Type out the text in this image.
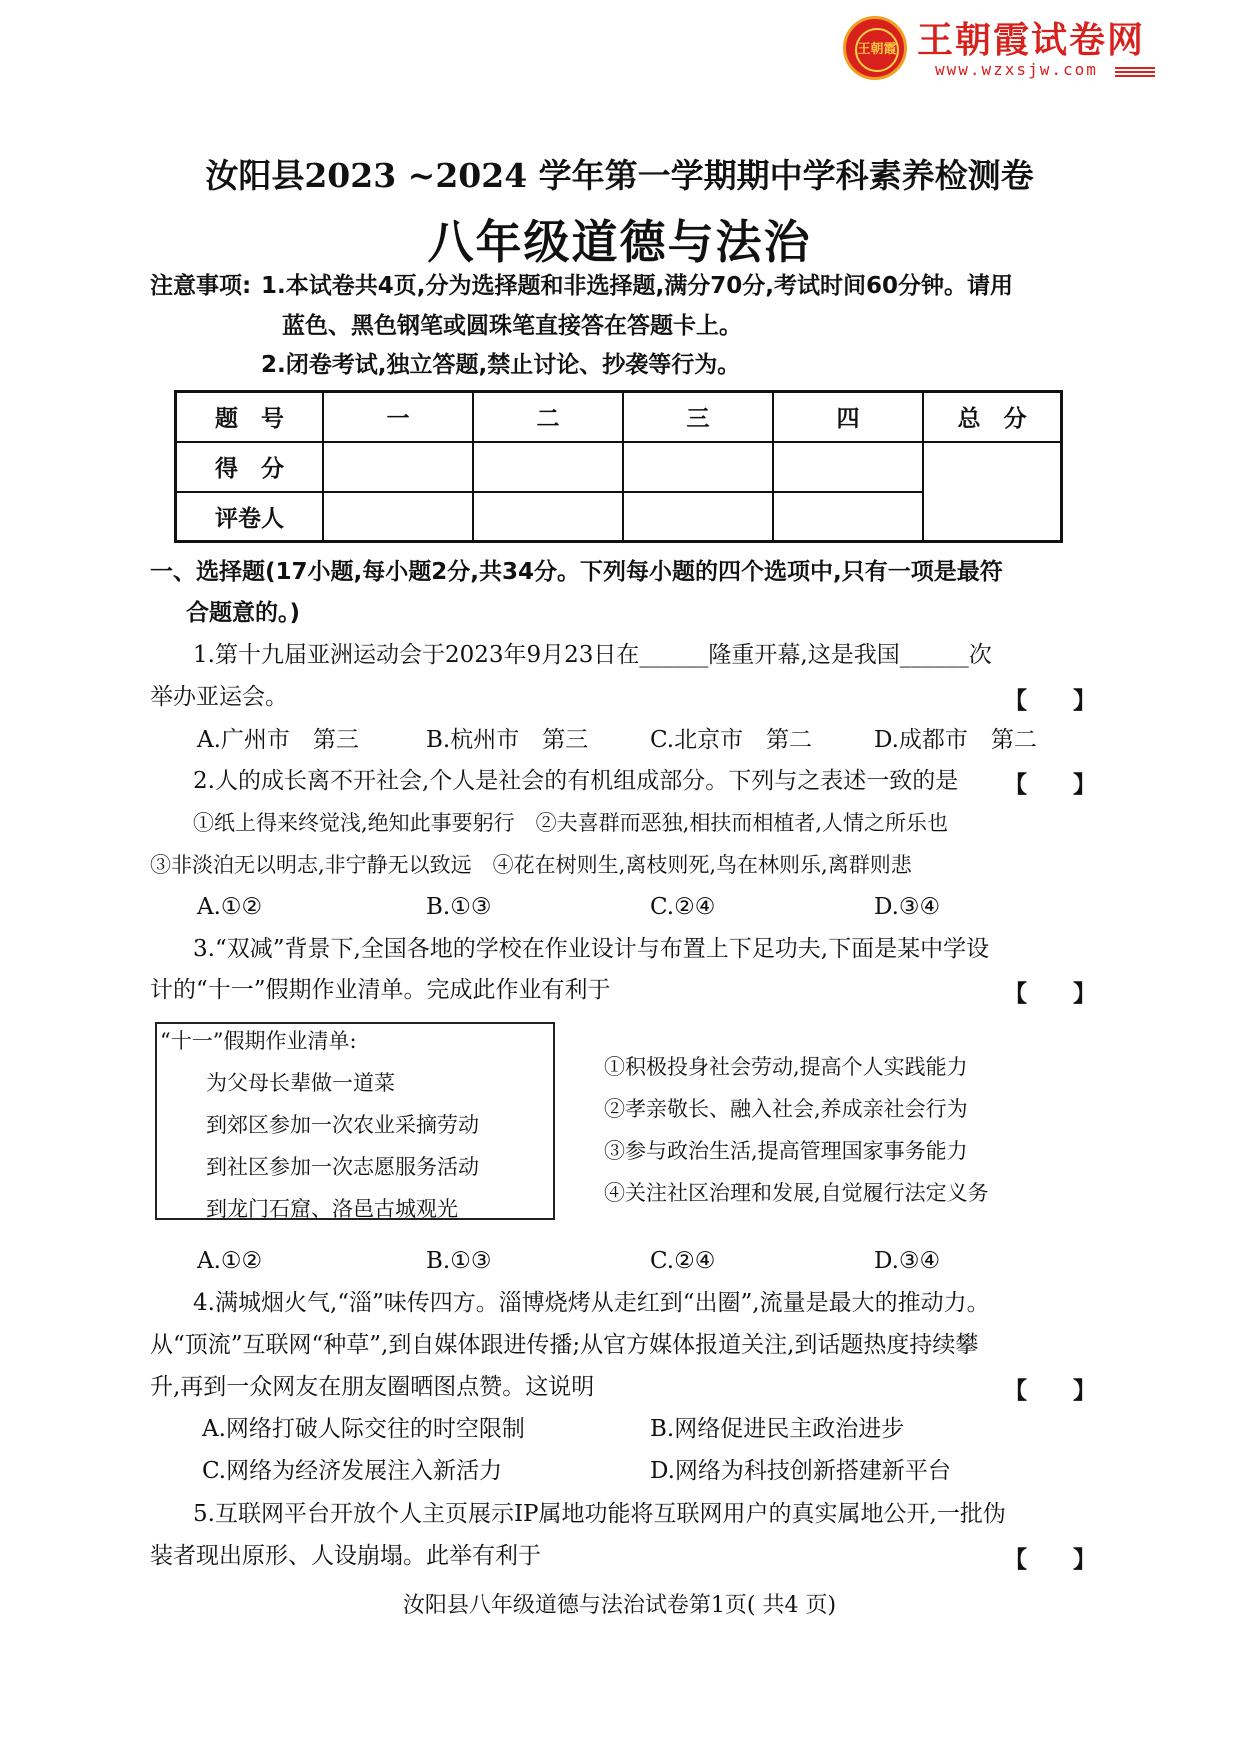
王朝霞 王朝霞试卷网
www.wzxsjw.com
汝阳县2023 ~2024 学年第一学期期中学科素养检测卷
八年级道德与法治
注意事项: 1.本试卷共4页,分为选择题和非选择题,满分70分,考试时间60分钟。请用
蓝色、黑色钢笔或圆珠笔直接答在答题卡上。
2.闭卷考试,独立答题,禁止讨论、抄袭等行为。
题　号	一	二	三	四	总　分
得　分					
评卷人					
一、选择题(17小题,每小题2分,共34分。下列每小题的四个选项中,只有一项是最符
合题意的。)
1.第十九届亚洲运动会于2023年9月23日在______隆重开幕,这是我国______次
举办亚运会。	【　　】
A.广州市　第三	B.杭州市　第三	C.北京市　第二	D.成都市　第二
2.人的成长离不开社会,个人是社会的有机组成部分。下列与之表述一致的是 【　　】
①纸上得来终觉浅,绝知此事要躬行　②夫喜群而恶独,相扶而相植者,人情之所乐也
③非淡泊无以明志,非宁静无以致远　④花在树则生,离枝则死,鸟在林则乐,离群则悲
A.①②	B.①③	C.②④	D.③④
3.“双减”背景下,全国各地的学校在作业设计与布置上下足功夫,下面是某中学设
计的“十一”假期作业清单。完成此作业有利于	【　　】
“十一”假期作业清单:
为父母长辈做一道菜
到郊区参加一次农业采摘劳动
到社区参加一次志愿服务活动
到龙门石窟、洛邑古城观光
①积极投身社会劳动,提高个人实践能力
②孝亲敬长、融入社会,养成亲社会行为
③参与政治生活,提高管理国家事务能力
④关注社区治理和发展,自觉履行法定义务
A.①②	B.①③	C.②④	D.③④
4.满城烟火气,“淄”味传四方。淄博烧烤从走红到“出圈”,流量是最大的推动力。
从“顶流”互联网“种草”,到自媒体跟进传播;从官方媒体报道关注,到话题热度持续攀
升,再到一众网友在朋友圈晒图点赞。这说明	【　　】
A.网络打破人际交往的时空限制	B.网络促进民主政治进步
C.网络为经济发展注入新活力	D.网络为科技创新搭建新平台
5.互联网平台开放个人主页展示IP属地功能将互联网用户的真实属地公开,一批伪
装者现出原形、人设崩塌。此举有利于	【　　】
汝阳县八年级道德与法治试卷第1页( 共4 页)
